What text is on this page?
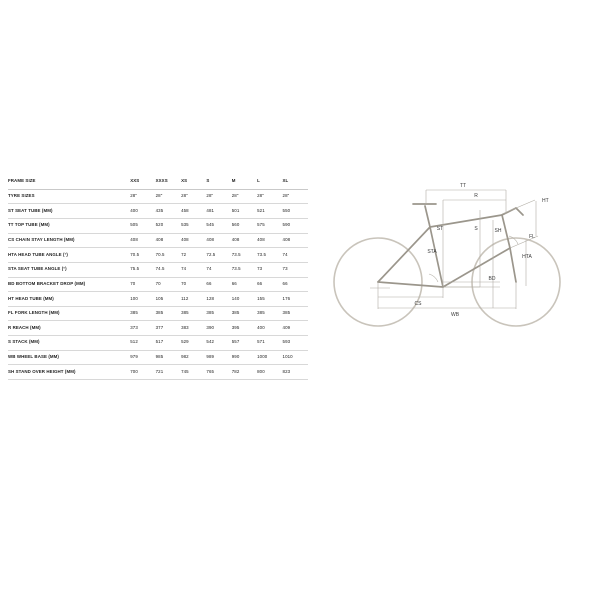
FRAME SIZE	XXS	XXXS	XS	S	M	L	XL
TYRE SIZES	28"	28"	28"	28"	28"	28"	28"
ST SEAT TUBE (MM)	400	435	458	481	501	521	550
TT TOP TUBE (MM)	505	520	535	545	560	575	590
CS CHAIN STAY LENGTH (MM)	408	408	408	408	408	408	408
HTA HEAD TUBE ANGLE (°)	70.5	70.5	72	72.5	73.5	73.5	74
STA SEAT TUBE ANGLE (°)	75.5	74.5	74	74	73.5	73	73
BD BOTTOM BRACKET DROP (MM)	70	70	70	66	66	66	66
HT HEAD TUBE (MM)	100	105	112	128	140	155	176
FL FORK LENGTH (MM)	385	385	385	385	385	385	385
R REACH (MM)	373	377	383	390	395	400	409
S STACK (MM)	512	517	529	542	557	571	593
WB WHEEL BASE (MM)	979	985	982	989	990	1000	1010
SH STAND OVER HEIGHT (MM)	700	721	745	765	782	800	823
TT
R
HT
ST	S	SH
FL
STA
HTA
CS
BD
WB
